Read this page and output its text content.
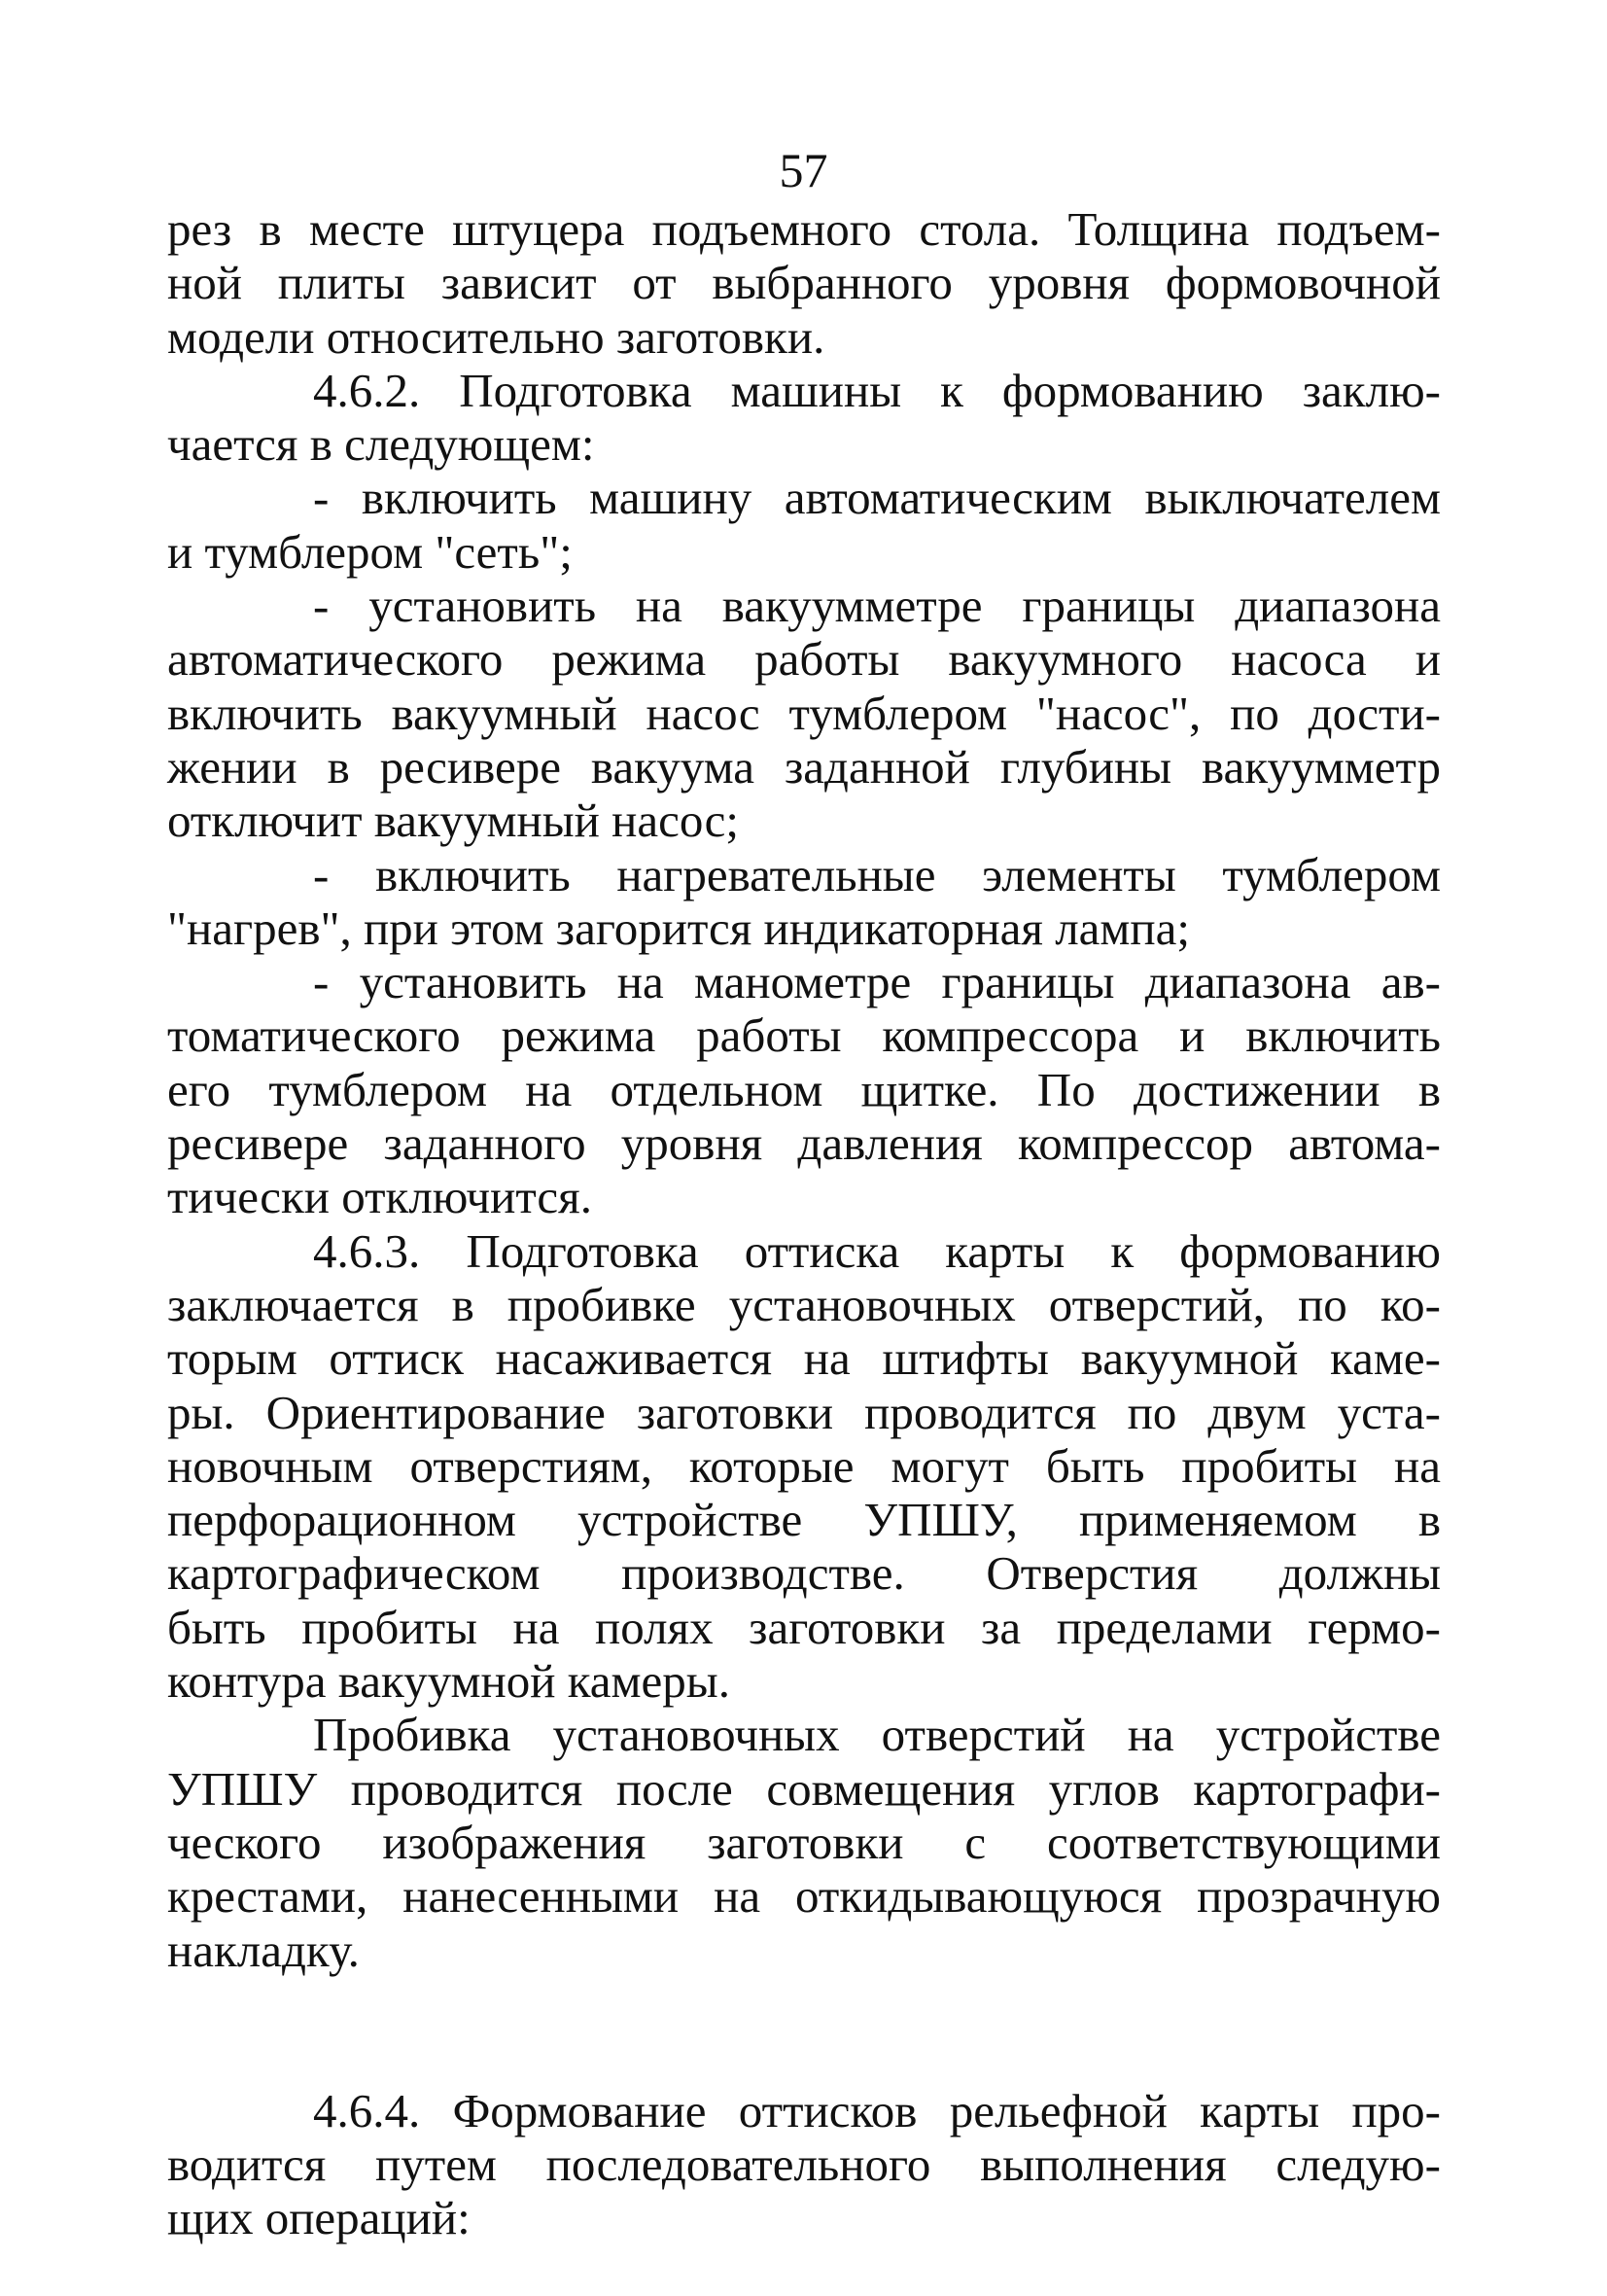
57
рез в месте штуцера подъемного стола. Толщина подъем-
ной плиты зависит от выбранного уровня формовочной
модели относительно заготовки.
4.6.2. Подготовка машины к формованию заклю-
чается в следующем:
- включить машину автоматическим выключателем
и тумблером "сеть";
- установить на вакуумметре границы диапазона
автоматического режима работы вакуумного насоса и
включить вакуумный насос тумблером "насос", по дости-
жении в ресивере вакуума заданной глубины вакуумметр
отключит вакуумный насос;
- включить нагревательные элементы тумблером
"нагрев", при этом загорится индикаторная лампа;
- установить на манометре границы диапазона ав-
томатического режима работы компрессора и включить
его тумблером на отдельном щитке. По достижении в
ресивере заданного уровня давления компрессор автома-
тически отключится.
4.6.3. Подготовка оттиска карты к формованию
заключается в пробивке установочных отверстий, по ко-
торым оттиск насаживается на штифты вакуумной каме-
ры. Ориентирование заготовки проводится по двум уста-
новочным отверстиям, которые могут быть пробиты на
перфорационном устройстве УПШУ, применяемом в
картографическом производстве. Отверстия должны
быть пробиты на полях заготовки за пределами гермо-
контура вакуумной камеры.
Пробивка установочных отверстий на устройстве
УПШУ проводится после совмещения углов картографи-
ческого изображения заготовки с соответствующими
крестами, нанесенными на откидывающуюся прозрачную
накладку.
4.6.4. Формование оттисков рельефной карты про-
водится путем последовательного выполнения следую-
щих операций:
